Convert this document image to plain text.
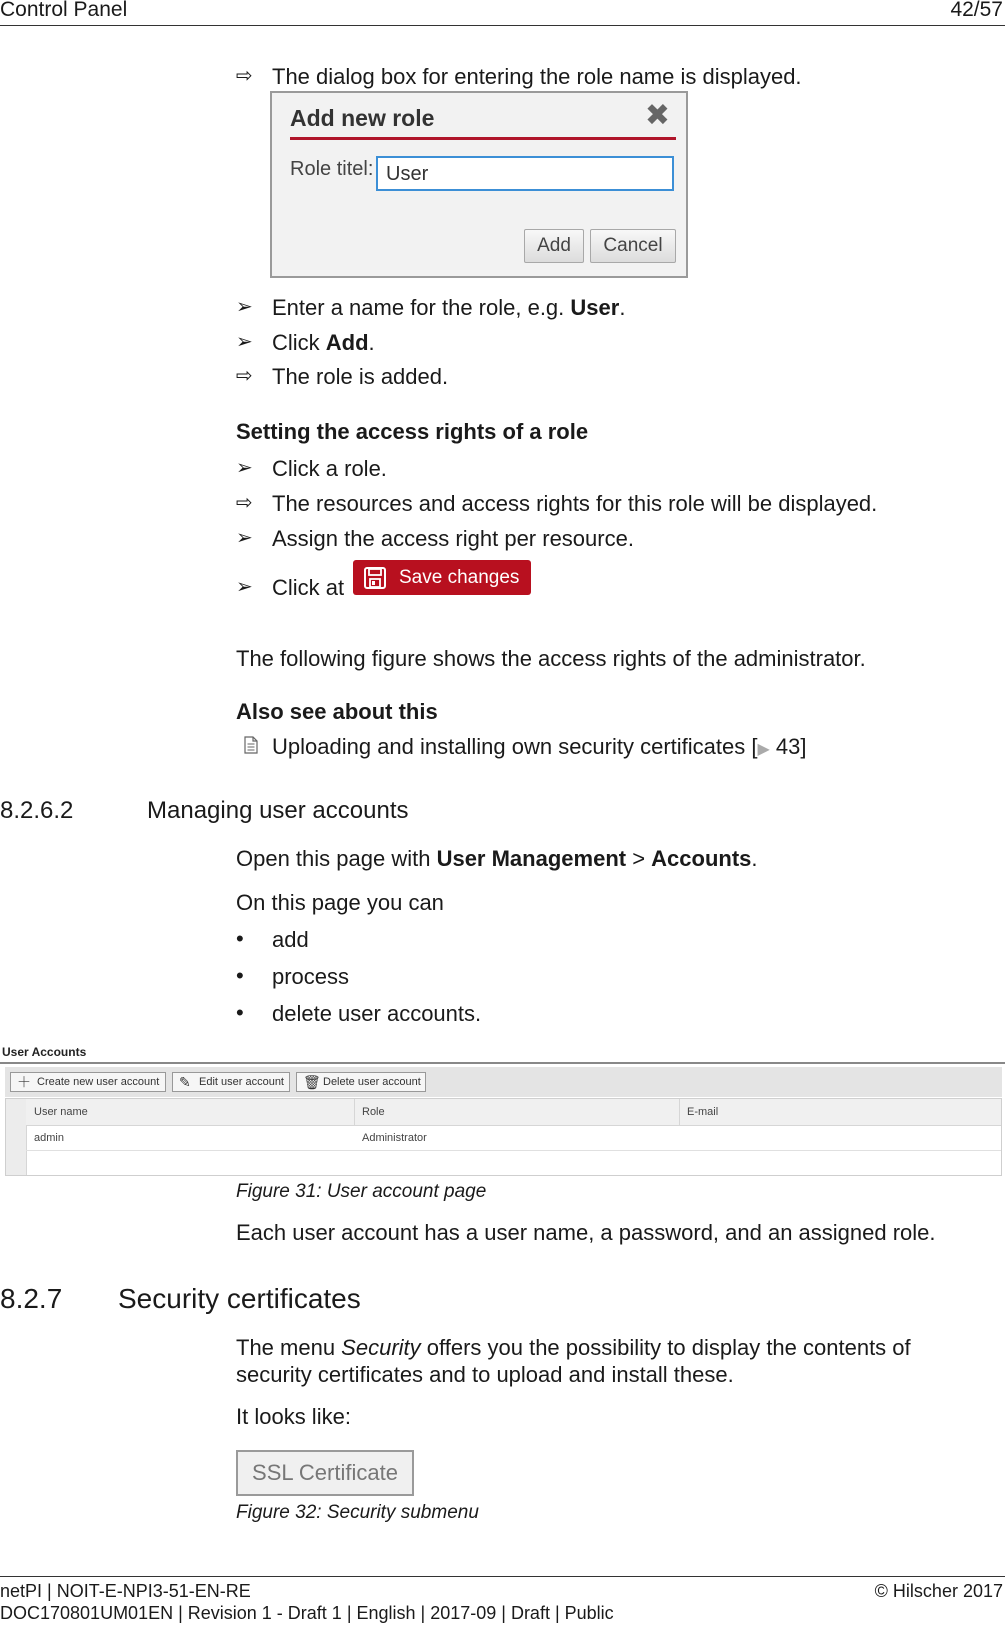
Control Panel	42/57
⇨ The dialog box for entering the role name is displayed.
Add new role	✖
Role titel: User
Add	Cancel
➢ Enter a name for the role, e.g. User.
➢ Click Add.
⇨ The role is added.
Setting the access rights of a role
➢ Click a role.
⇨ The resources and access rights for this role will be displayed.
➢ Assign the access right per resource.
➢ Click at	Save changes
The following figure shows the access rights of the administrator.
Also see about this
Uploading and installing own security certificates [▶ 43]
8.2.6.2	Managing user accounts
Open this page with User Management > Accounts.
On this page you can
• add
• process
• delete user accounts.
User Accounts
＋ Create new user account	✎ Edit user account	🗑 Delete user account
User name	Role	E-mail
admin	Administrator
Figure 31: User account page
Each user account has a user name, a password, and an assigned role.
8.2.7 Security certificates
The menu Security offers you the possibility to display the contents of
security certificates and to upload and install these.
It looks like:
SSL Certificate
Figure 32: Security submenu
netPI | NOIT-E-NPI3-51-EN-RE	© Hilscher 2017
DOC170801UM01EN | Revision 1 - Draft 1 | English | 2017-09 | Draft | Public
